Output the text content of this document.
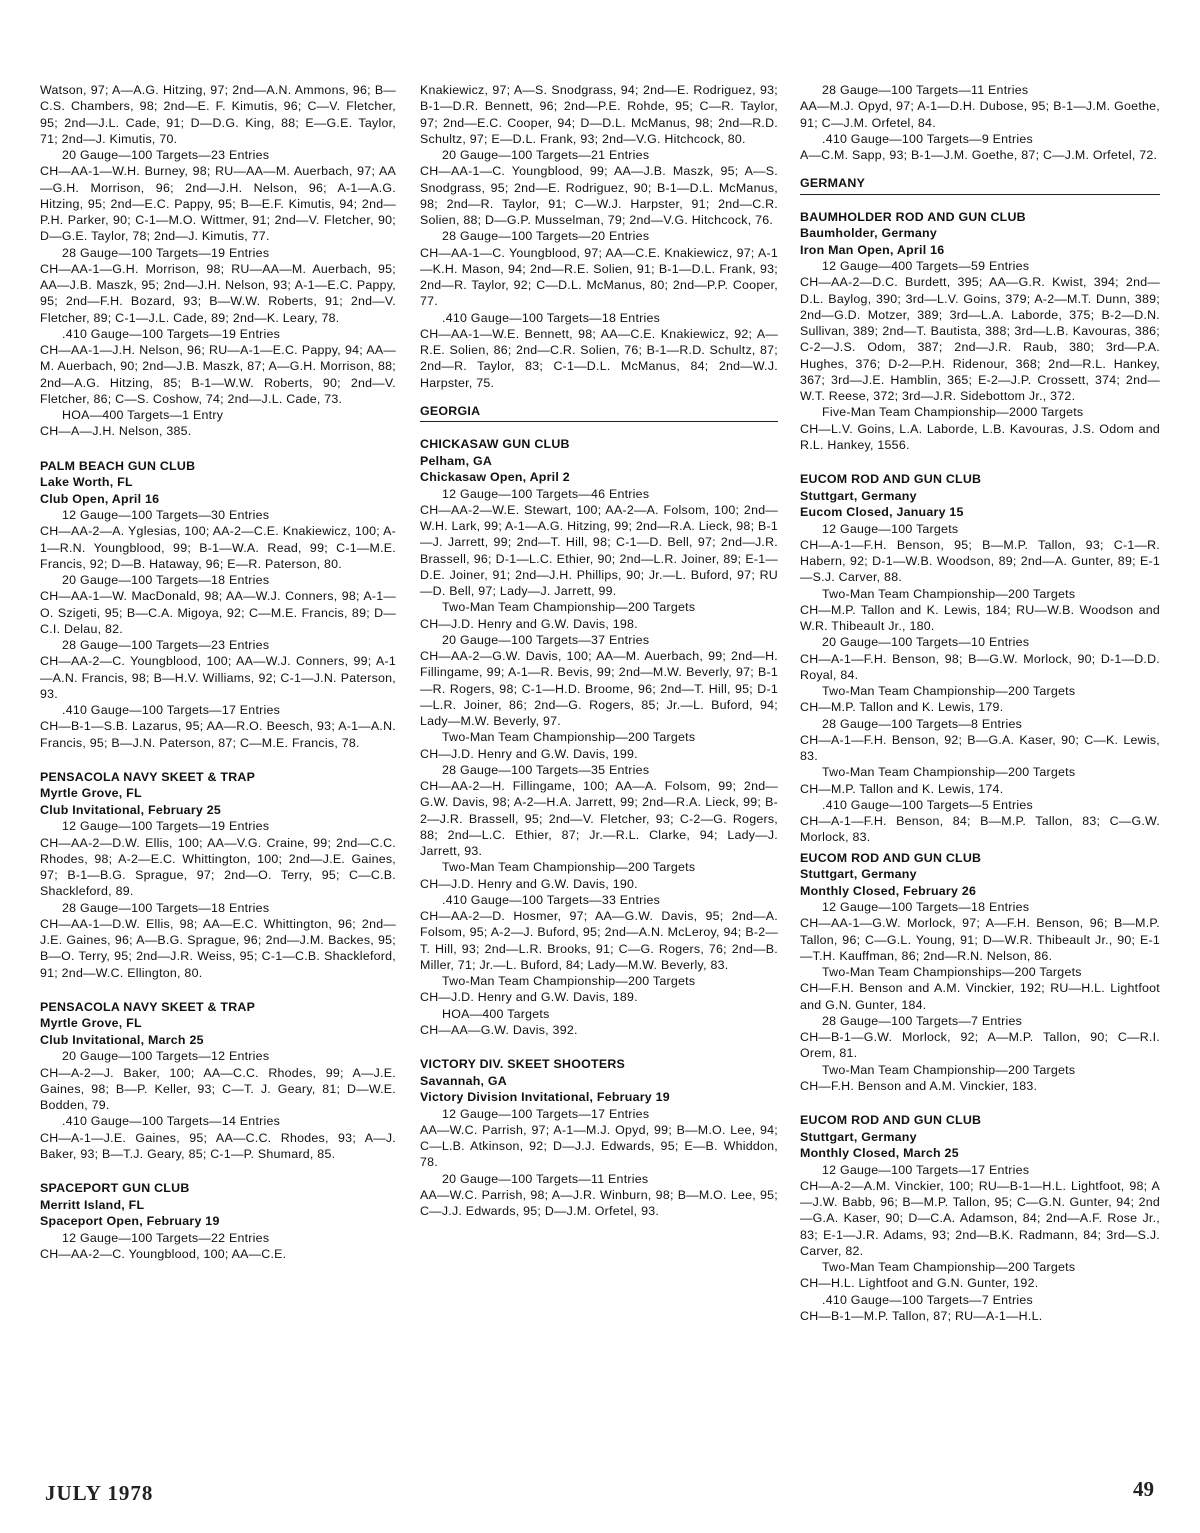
Watson, 97; A—A.G. Hitzing, 97; 2nd—A.N. Ammons, 96; B—C.S. Chambers, 98; 2nd—E. F. Kimutis, 96; C—V. Fletcher, 95; 2nd—J.L. Cade, 91; D—D.G. King, 88; E—G.E. Taylor, 71; 2nd—J. Kimutis, 70.
20 Gauge—100 Targets—23 Entries
CH—AA-1—W.H. Burney, 98; RU—AA—M. Auerbach, 97; AA—G.H. Morrison, 96; 2nd—J.H. Nelson, 96; A-1—A.G. Hitzing, 95; 2nd—E.C. Pappy, 95; B—E.F. Kimutis, 94; 2nd—P.H. Parker, 90; C-1—M.O. Wittmer, 91; 2nd—V. Fletcher, 90; D—G.E. Taylor, 78; 2nd—J. Kimutis, 77.
28 Gauge—100 Targets—19 Entries
CH—AA-1—G.H. Morrison, 98; RU—AA—M. Auerbach, 95; AA—J.B. Maszk, 95; 2nd—J.H. Nelson, 93; A-1—E.C. Pappy, 95; 2nd—F.H. Bozard, 93; B—W.W. Roberts, 91; 2nd—V. Fletcher, 89; C-1—J.L. Cade, 89; 2nd—K. Leary, 78.
.410 Gauge—100 Targets—19 Entries
CH—AA-1—J.H. Nelson, 96; RU—A-1—E.C. Pappy, 94; AA—M. Auerbach, 90; 2nd—J.B. Maszk, 87; A—G.H. Morrison, 88; 2nd—A.G. Hitzing, 85; B-1—W.W. Roberts, 90; 2nd—V. Fletcher, 86; C—S. Coshow, 74; 2nd—J.L. Cade, 73.
HOA—400 Targets—1 Entry
CH—A—J.H. Nelson, 385.
PALM BEACH GUN CLUB
Lake Worth, FL
Club Open, April 16
12 Gauge—100 Targets—30 Entries
CH—AA-2—A. Yglesias, 100; AA-2—C.E. Knakiewicz, 100; A-1—R.N. Youngblood, 99; B-1—W.A. Read, 99; C-1—M.E. Francis, 92; D—B. Hataway, 96; E—R. Paterson, 80.
20 Gauge—100 Targets—18 Entries
CH—AA-1—W. MacDonald, 98; AA—W.J. Conners, 98; A-1—O. Szigeti, 95; B—C.A. Migoya, 92; C—M.E. Francis, 89; D—C.I. Delau, 82.
28 Gauge—100 Targets—23 Entries
CH—AA-2—C. Youngblood, 100; AA—W.J. Conners, 99; A-1—A.N. Francis, 98; B—H.V. Williams, 92; C-1—J.N. Paterson, 93.
.410 Gauge—100 Targets—17 Entries
CH—B-1—S.B. Lazarus, 95; AA—R.O. Beesch, 93; A-1—A.N. Francis, 95; B—J.N. Paterson, 87; C—M.E. Francis, 78.
PENSACOLA NAVY SKEET & TRAP
Myrtle Grove, FL
Club Invitational, February 25
12 Gauge—100 Targets—19 Entries
CH—AA-2—D.W. Ellis, 100; AA—V.G. Craine, 99; 2nd—C.C. Rhodes, 98; A-2—E.C. Whittington, 100; 2nd—J.E. Gaines, 97; B-1—B.G. Sprague, 97; 2nd—O. Terry, 95; C—C.B. Shackleford, 89.
28 Gauge—100 Targets—18 Entries
CH—AA-1—D.W. Ellis, 98; AA—E.C. Whittington, 96; 2nd—J.E. Gaines, 96; A—B.G. Sprague, 96; 2nd—J.M. Backes, 95; B—O. Terry, 95; 2nd—J.R. Weiss, 95; C-1—C.B. Shackleford, 91; 2nd—W.C. Ellington, 80.
PENSACOLA NAVY SKEET & TRAP
Myrtle Grove, FL
Club Invitational, March 25
20 Gauge—100 Targets—12 Entries
CH—A-2—J. Baker, 100; AA—C.C. Rhodes, 99; A—J.E. Gaines, 98; B—P. Keller, 93; C—T. J. Geary, 81; D—W.E. Bodden, 79.
.410 Gauge—100 Targets—14 Entries
CH—A-1—J.E. Gaines, 95; AA—C.C. Rhodes, 93; A—J. Baker, 93; B—T.J. Geary, 85; C-1—P. Shumard, 85.
SPACEPORT GUN CLUB
Merritt Island, FL
Spaceport Open, February 19
12 Gauge—100 Targets—22 Entries
CH—AA-2—C. Youngblood, 100; AA—C.E.
Knakiewicz, 97; A—S. Snodgrass, 94; 2nd—E. Rodriguez, 93; B-1—D.R. Bennett, 96; 2nd—P.E. Rohde, 95; C—R. Taylor, 97; 2nd—E.C. Cooper, 94; D—D.L. McManus, 98; 2nd—R.D. Schultz, 97; E—D.L. Frank, 93; 2nd—V.G. Hitchcock, 80.
20 Gauge—100 Targets—21 Entries
CH—AA-1—C. Youngblood, 99; AA—J.B. Maszk, 95; A—S. Snodgrass, 95; 2nd—E. Rodriguez, 90; B-1—D.L. McManus, 98; 2nd—R. Taylor, 91; C—W.J. Harpster, 91; 2nd—C.R. Solien, 88; D—G.P. Musselman, 79; 2nd—V.G. Hitchcock, 76.
28 Gauge—100 Targets—20 Entries
CH—AA-1—C. Youngblood, 97; AA—C.E. Knakiewicz, 97; A-1—K.H. Mason, 94; 2nd—R.E. Solien, 91; B-1—D.L. Frank, 93; 2nd—R. Taylor, 92; C—D.L. McManus, 80; 2nd—P.P. Cooper, 77.
.410 Gauge—100 Targets—18 Entries
CH—AA-1—W.E. Bennett, 98; AA—C.E. Knakiewicz, 92; A—R.E. Solien, 86; 2nd—C.R. Solien, 76; B-1—R.D. Schultz, 87; 2nd—R. Taylor, 83; C-1—D.L. McManus, 84; 2nd—W.J. Harpster, 75.
GEORGIA
CHICKASAW GUN CLUB
Pelham, GA
Chickasaw Open, April 2
12 Gauge—100 Targets—46 Entries
CH—AA-2—W.E. Stewart, 100; AA-2—A. Folsom, 100; 2nd—W.H. Lark, 99; A-1—A.G. Hitzing, 99; 2nd—R.A. Lieck, 98; B-1—J. Jarrett, 99; 2nd—T. Hill, 98; C-1—D. Bell, 97; 2nd—J.R. Brassell, 96; D-1—L.C. Ethier, 90; 2nd—L.R. Joiner, 89; E-1—D.E. Joiner, 91; 2nd—J.H. Phillips, 90; Jr.—L. Buford, 97; RU—D. Bell, 97; Lady—J. Jarrett, 99.
Two-Man Team Championship—200 Targets
CH—J.D. Henry and G.W. Davis, 198.
20 Gauge—100 Targets—37 Entries
CH—AA-2—G.W. Davis, 100; AA—M. Auerbach, 99; 2nd—H. Fillingame, 99; A-1—R. Bevis, 99; 2nd—M.W. Beverly, 97; B-1—R. Rogers, 98; C-1—H.D. Broome, 96; 2nd—T. Hill, 95; D-1—L.R. Joiner, 86; 2nd—G. Rogers, 85; Jr.—L. Buford, 94; Lady—M.W. Beverly, 97.
Two-Man Team Championship—200 Targets
CH—J.D. Henry and G.W. Davis, 199.
28 Gauge—100 Targets—35 Entries
CH—AA-2—H. Fillingame, 100; AA—A. Folsom, 99; 2nd—G.W. Davis, 98; A-2—H.A. Jarrett, 99; 2nd—R.A. Lieck, 99; B-2—J.R. Brassell, 95; 2nd—V. Fletcher, 93; C-2—G. Rogers, 88; 2nd—L.C. Ethier, 87; Jr.—R.L. Clarke, 94; Lady—J. Jarrett, 93.
Two-Man Team Championship—200 Targets
CH—J.D. Henry and G.W. Davis, 190.
.410 Gauge—100 Targets—33 Entries
CH—AA-2—D. Hosmer, 97; AA—G.W. Davis, 95; 2nd—A. Folsom, 95; A-2—J. Buford, 95; 2nd—A.N. McLeroy, 94; B-2—T. Hill, 93; 2nd—L.R. Brooks, 91; C—G. Rogers, 76; 2nd—B. Miller, 71; Jr.—L. Buford, 84; Lady—M.W. Beverly, 83.
Two-Man Team Championship—200 Targets
CH—J.D. Henry and G.W. Davis, 189.
HOA—400 Targets
CH—AA—G.W. Davis, 392.
VICTORY DIV. SKEET SHOOTERS
Savannah, GA
Victory Division Invitational, February 19
12 Gauge—100 Targets—17 Entries
AA—W.C. Parrish, 97; A-1—M.J. Opyd, 99; B—M.O. Lee, 94; C—L.B. Atkinson, 92; D—J.J. Edwards, 95; E—B. Whiddon, 78.
20 Gauge—100 Targets—11 Entries
AA—W.C. Parrish, 98; A—J.R. Winburn, 98; B—M.O. Lee, 95; C—J.J. Edwards, 95; D—J.M. Orfetel, 93.
28 Gauge—100 Targets—11 Entries
AA—M.J. Opyd, 97; A-1—D.H. Dubose, 95; B-1—J.M. Goethe, 91; C—J.M. Orfetel, 84.
.410 Gauge—100 Targets—9 Entries
A—C.M. Sapp, 93; B-1—J.M. Goethe, 87; C—J.M. Orfetel, 72.
GERMANY
BAUMHOLDER ROD AND GUN CLUB
Baumholder, Germany
Iron Man Open, April 16
12 Gauge—400 Targets—59 Entries
CH—AA-2—D.C. Burdett, 395; AA—G.R. Kwist, 394; 2nd—D.L. Baylog, 390; 3rd—L.V. Goins, 379; A-2—M.T. Dunn, 389; 2nd—G.D. Motzer, 389; 3rd—L.A. Laborde, 375; B-2—D.N. Sullivan, 389; 2nd—T. Bautista, 388; 3rd—L.B. Kavouras, 386; C-2—J.S. Odom, 387; 2nd—J.R. Raub, 380; 3rd—P.A. Hughes, 376; D-2—P.H. Ridenour, 368; 2nd—R.L. Hankey, 367; 3rd—J.E. Hamblin, 365; E-2—J.P. Crossett, 374; 2nd—W.T. Reese, 372; 3rd—J.R. Sidebottom Jr., 372.
Five-Man Team Championship—2000 Targets
CH—L.V. Goins, L.A. Laborde, L.B. Kavouras, J.S. Odom and R.L. Hankey, 1556.
EUCOM ROD AND GUN CLUB
Stuttgart, Germany
Eucom Closed, January 15
12 Gauge—100 Targets
CH—A-1—F.H. Benson, 95; B—M.P. Tallon, 93; C-1—R. Habern, 92; D-1—W.B. Woodson, 89; 2nd—A. Gunter, 89; E-1—S.J. Carver, 88.
Two-Man Team Championship—200 Targets
CH—M.P. Tallon and K. Lewis, 184; RU—W.B. Woodson and W.R. Thibeault Jr., 180.
20 Gauge—100 Targets—10 Entries
CH—A-1—F.H. Benson, 98; B—G.W. Morlock, 90; D-1—D.D. Royal, 84.
Two-Man Team Championship—200 Targets
CH—M.P. Tallon and K. Lewis, 179.
28 Gauge—100 Targets—8 Entries
CH—A-1—F.H. Benson, 92; B—G.A. Kaser, 90; C—K. Lewis, 83.
Two-Man Team Championship—200 Targets
CH—M.P. Tallon and K. Lewis, 174.
.410 Gauge—100 Targets—5 Entries
CH—A-1—F.H. Benson, 84; B—M.P. Tallon, 83; C—G.W. Morlock, 83.
EUCOM ROD AND GUN CLUB
Stuttgart, Germany
Monthly Closed, February 26
12 Gauge—100 Targets—18 Entries
CH—AA-1—G.W. Morlock, 97; A—F.H. Benson, 96; B—M.P. Tallon, 96; C—G.L. Young, 91; D—W.R. Thibeault Jr., 90; E-1—T.H. Kauffman, 86; 2nd—R.N. Nelson, 86.
Two-Man Team Championships—200 Targets
CH—F.H. Benson and A.M. Vinckier, 192; RU—H.L. Lightfoot and G.N. Gunter, 184.
28 Gauge—100 Targets—7 Entries
CH—B-1—G.W. Morlock, 92; A—M.P. Tallon, 90; C—R.I. Orem, 81.
Two-Man Team Championship—200 Targets
CH—F.H. Benson and A.M. Vinckier, 183.
EUCOM ROD AND GUN CLUB
Stuttgart, Germany
Monthly Closed, March 25
12 Gauge—100 Targets—17 Entries
CH—A-2—A.M. Vinckier, 100; RU—B-1—H.L. Lightfoot, 98; A—J.W. Babb, 96; B—M.P. Tallon, 95; C—G.N. Gunter, 94; 2nd—G.A. Kaser, 90; D—C.A. Adamson, 84; 2nd—A.F. Rose Jr., 83; E-1—J.R. Adams, 93; 2nd—B.K. Radmann, 84; 3rd—S.J. Carver, 82.
Two-Man Team Championship—200 Targets
CH—H.L. Lightfoot and G.N. Gunter, 192.
.410 Gauge—100 Targets—7 Entries
CH—B-1—M.P. Tallon, 87; RU—A-1—H.L.
JULY 1978	49
